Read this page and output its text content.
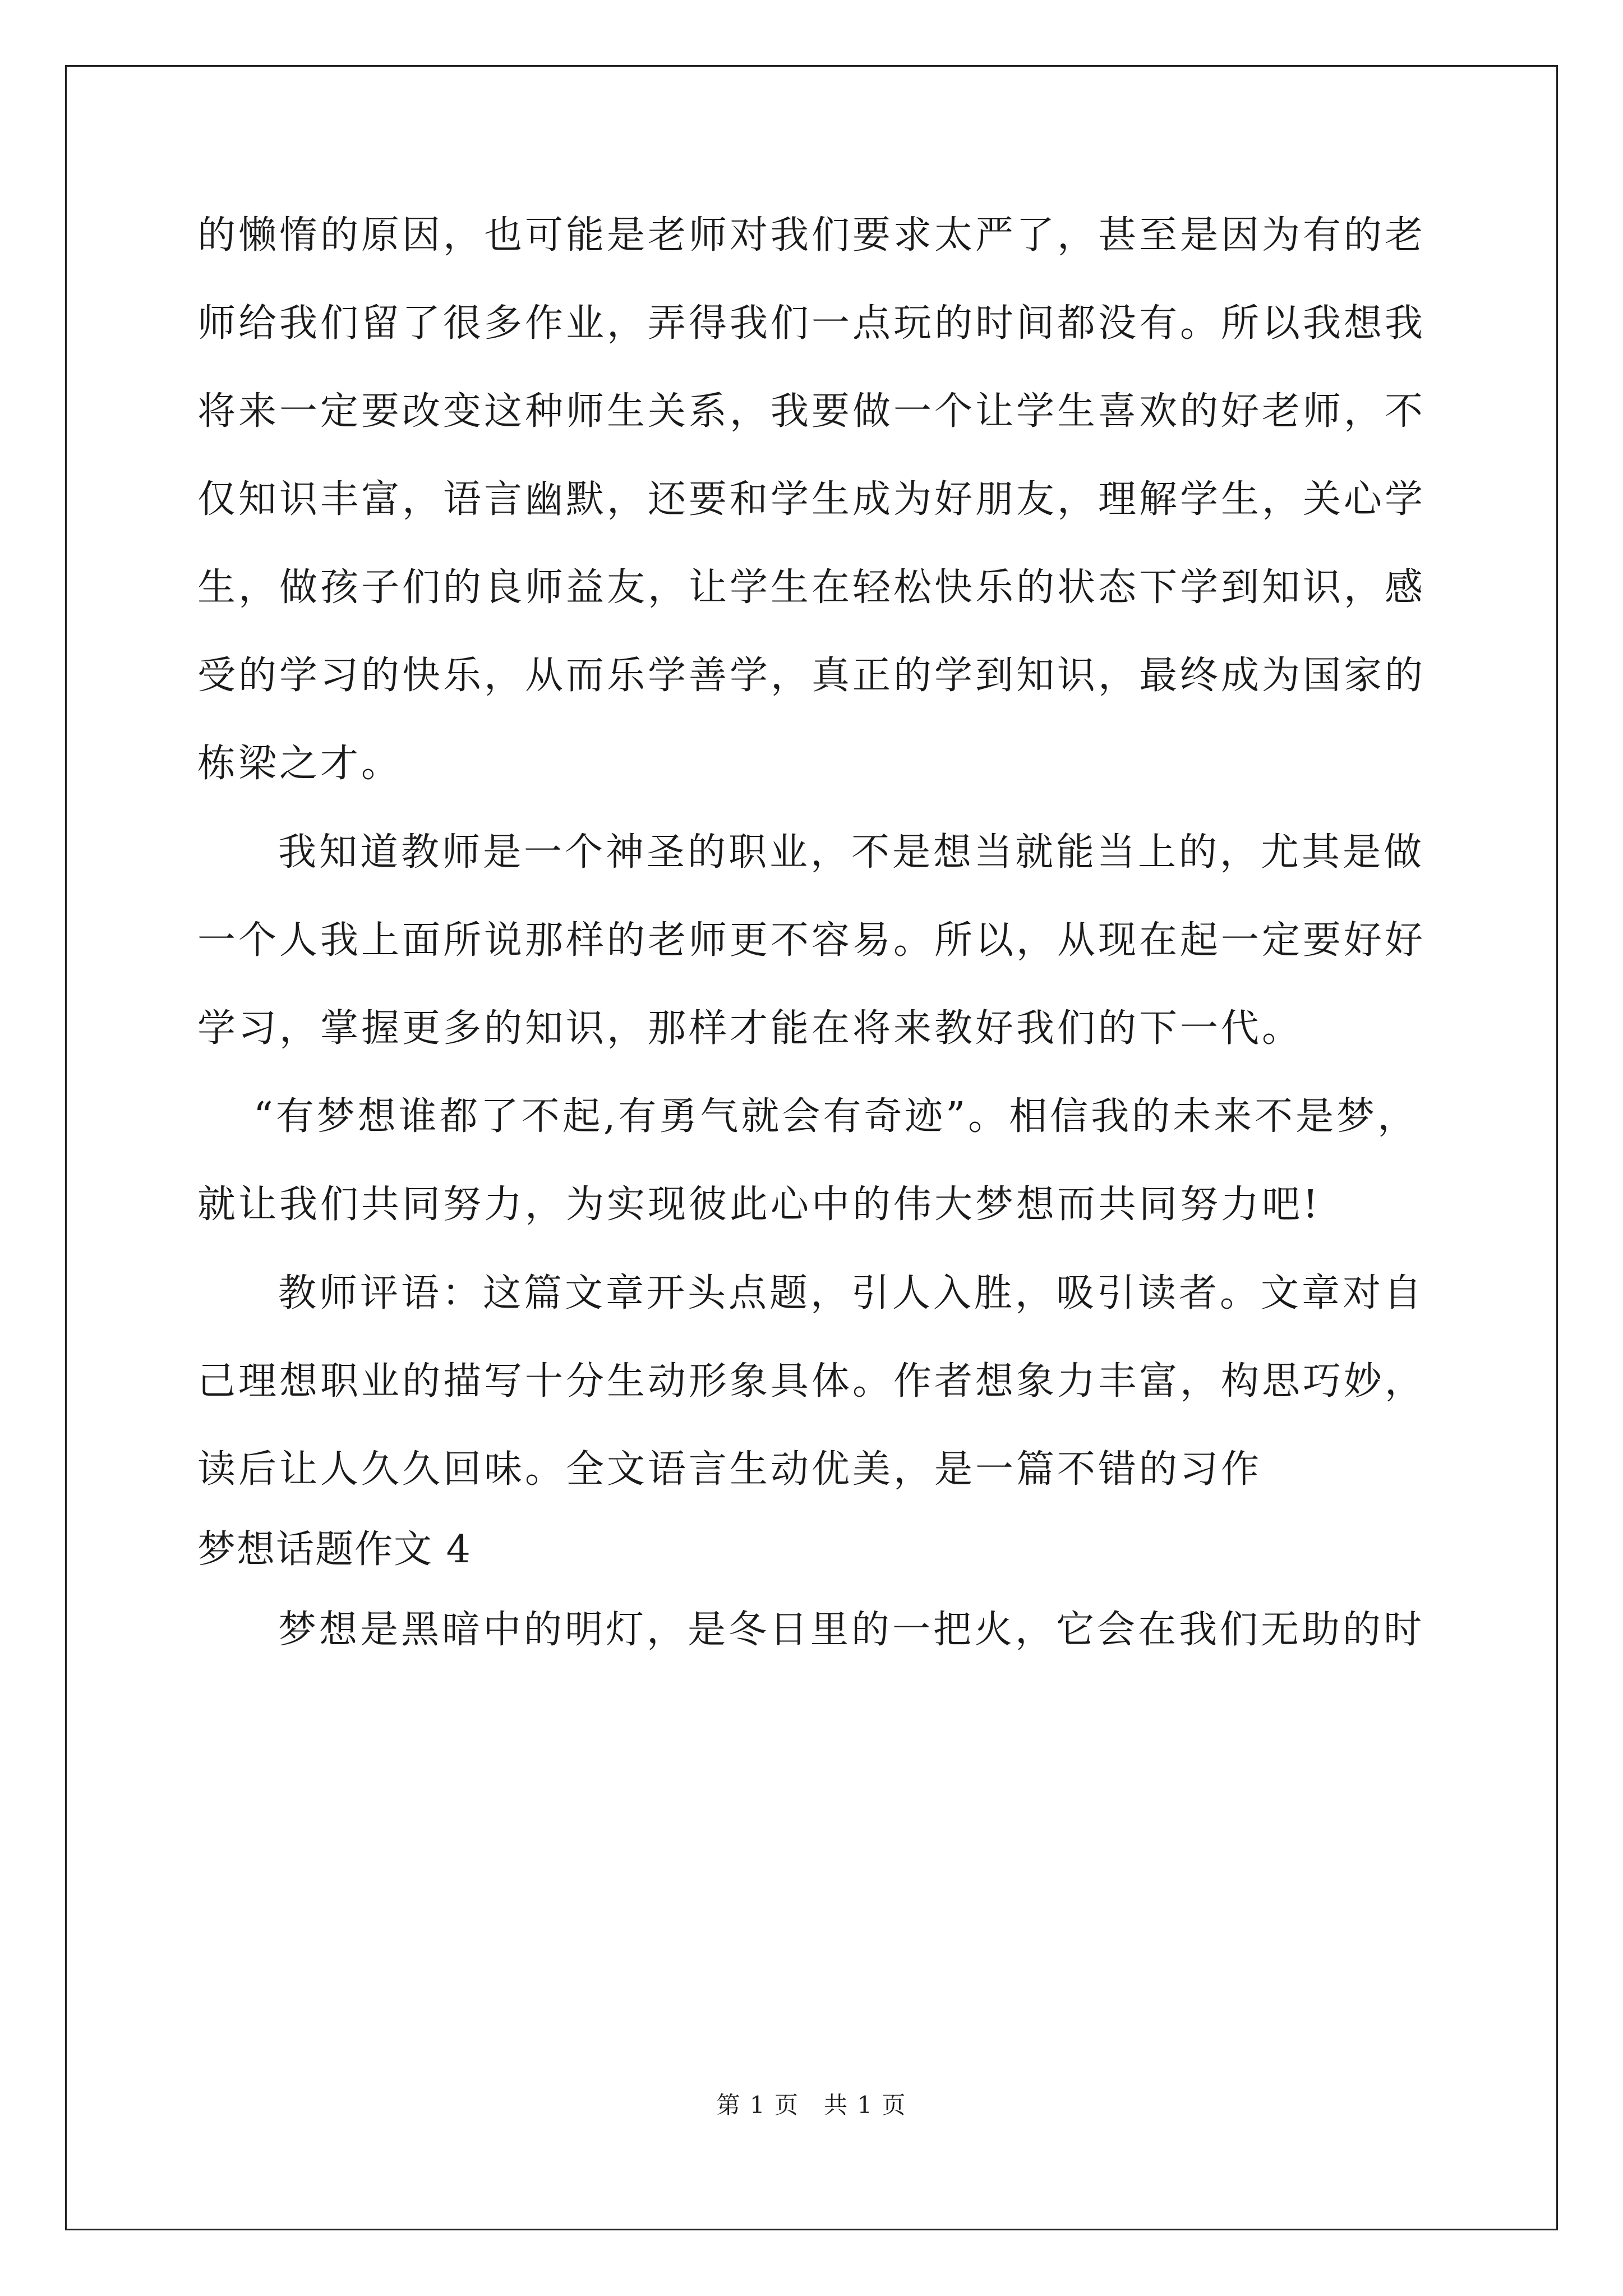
的懒惰的原因，也可能是老师对我们要求太严了，甚至是因为有的老
师给我们留了很多作业，弄得我们一点玩的时间都没有。所以我想我
将来一定要改变这种师生关系，我要做一个让学生喜欢的好老师，不
仅知识丰富，语言幽默，还要和学生成为好朋友，理解学生，关心学
生，做孩子们的良师益友，让学生在轻松快乐的状态下学到知识，感
受的学习的快乐，从而乐学善学，真正的学到知识，最终成为国家的
栋梁之才。
我知道教师是一个神圣的职业，不是想当就能当上的，尤其是做
一个人我上面所说那样的老师更不容易。所以，从现在起一定要好好
学习，掌握更多的知识，那样才能在将来教好我们的下一代。
“有梦想谁都了不起,有勇气就会有奇迹”。相信我的未来不是梦，
就让我们共同努力，为实现彼此心中的伟大梦想而共同努力吧!
教师评语：这篇文章开头点题，引人入胜，吸引读者。文章对自
己理想职业的描写十分生动形象具体。作者想象力丰富，构思巧妙，
读后让人久久回味。全文语言生动优美，是一篇不错的习作
梦想话题作文 4
梦想是黑暗中的明灯，是冬日里的一把火，它会在我们无助的时
第 1 页　共 1 页
